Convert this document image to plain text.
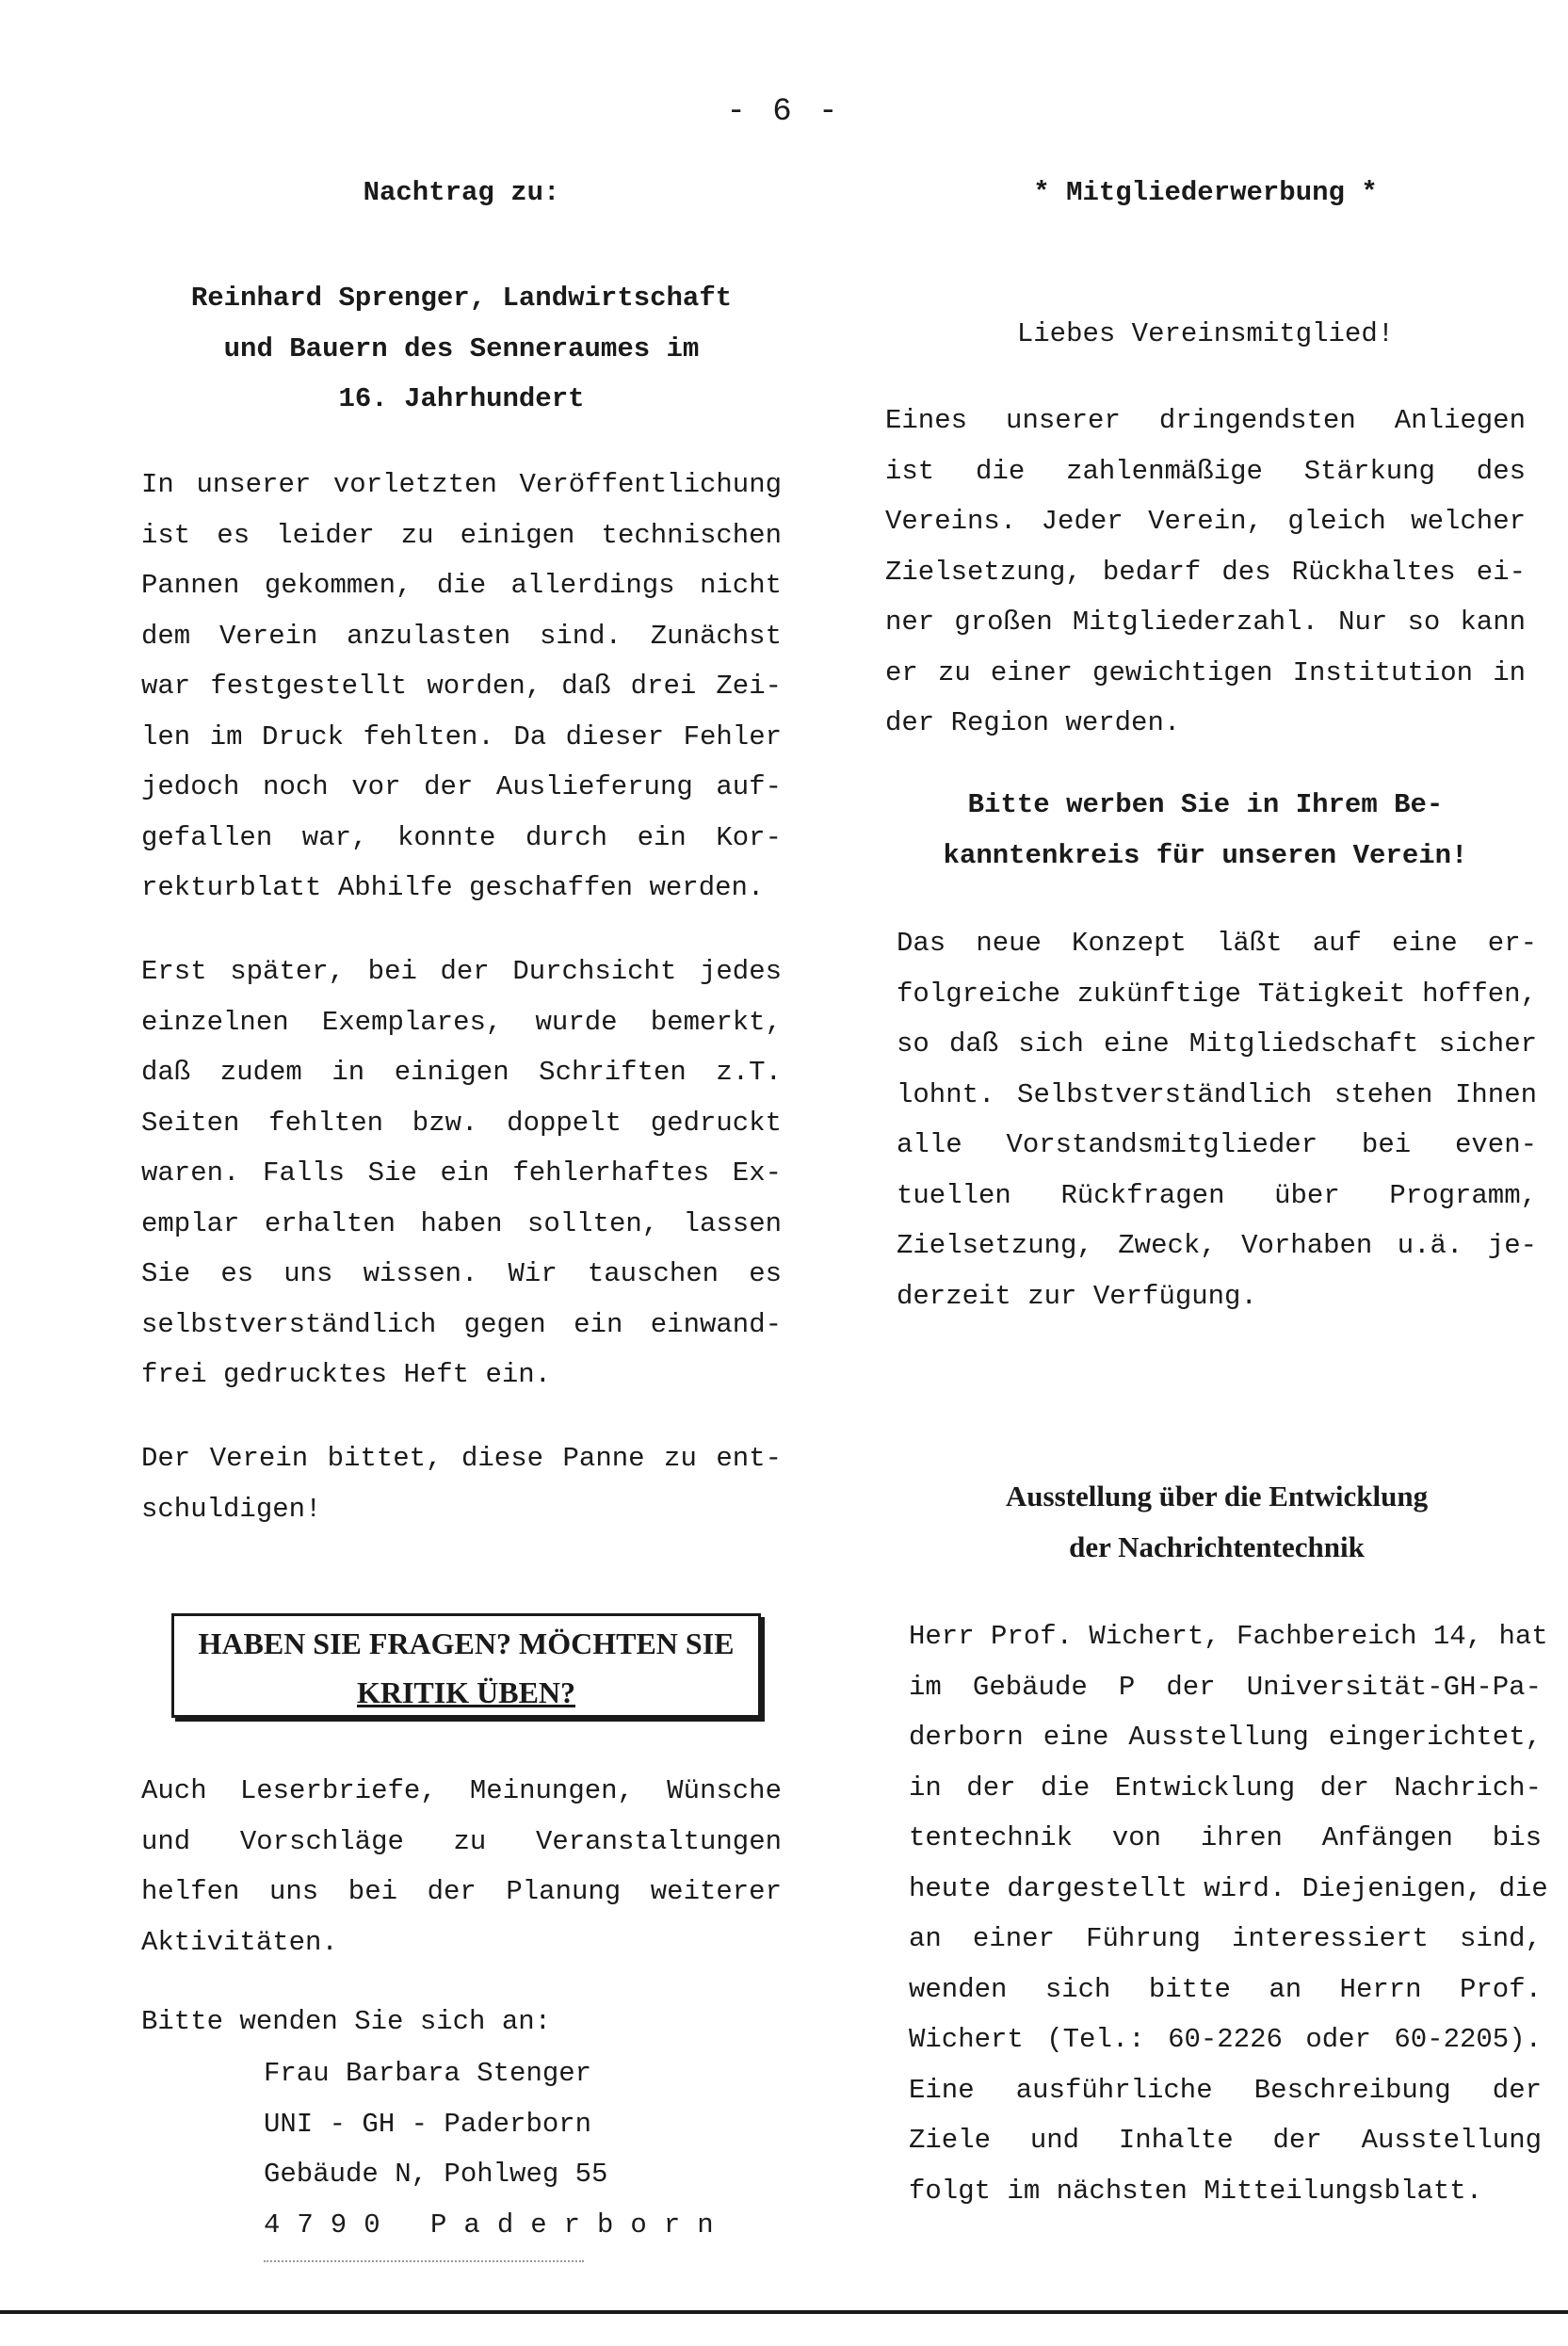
- 6 -
Nachtrag zu:
Reinhard Sprenger, Landwirtschaft
und Bauern des Senneraumes im
16. Jahrhundert
In unserer vorletzten Veröffentlichung
ist es leider zu einigen technischen
Pannen gekommen, die allerdings nicht
dem Verein anzulasten sind. Zunächst
war festgestellt worden, daß drei Zei-
len im Druck fehlten. Da dieser Fehler
jedoch noch vor der Auslieferung auf-
gefallen war, konnte durch ein Kor-
rekturblatt Abhilfe geschaffen werden.
Erst später, bei der Durchsicht jedes
einzelnen Exemplares, wurde bemerkt,
daß zudem in einigen Schriften z.T.
Seiten fehlten bzw. doppelt gedruckt
waren. Falls Sie ein fehlerhaftes Ex-
emplar erhalten haben sollten, lassen
Sie es uns wissen. Wir tauschen es
selbstverständlich gegen ein einwand-
frei gedrucktes Heft ein.
Der Verein bittet, diese Panne zu ent-
schuldigen!
HABEN SIE FRAGEN? MÖCHTEN SIE
KRITIK ÜBEN?
Auch Leserbriefe, Meinungen, Wünsche
und Vorschläge zu Veranstaltungen
helfen uns bei der Planung weiterer
Aktivitäten.
Bitte wenden Sie sich an:
Frau Barbara Stenger
UNI - GH - Paderborn
Gebäude N, Pohlweg 55
4790 Paderborn
* Mitgliederwerbung *
Liebes Vereinsmitglied!
Eines unserer dringendsten Anliegen
ist die zahlenmäßige Stärkung des
Vereins. Jeder Verein, gleich welcher
Zielsetzung, bedarf des Rückhaltes ei-
ner großen Mitgliederzahl. Nur so kann
er zu einer gewichtigen Institution in
der Region werden.
Bitte werben Sie in Ihrem Be-
kanntenkreis für unseren Verein!
Das neue Konzept läßt auf eine er-
folgreiche zukünftige Tätigkeit hoffen,
so daß sich eine Mitgliedschaft sicher
lohnt. Selbstverständlich stehen Ihnen
alle Vorstandsmitglieder bei even-
tuellen Rückfragen über Programm,
Zielsetzung, Zweck, Vorhaben u.ä. je-
derzeit zur Verfügung.
Ausstellung über die Entwicklung
der Nachrichtentechnik
Herr Prof. Wichert, Fachbereich 14, hat
im Gebäude P der Universität-GH-Pa-
derborn eine Ausstellung eingerichtet,
in der die Entwicklung der Nachrich-
tentechnik von ihren Anfängen bis
heute dargestellt wird. Diejenigen, die
an einer Führung interessiert sind,
wenden sich bitte an Herrn Prof.
Wichert (Tel.: 60-2226 oder 60-2205).
Eine ausführliche Beschreibung der
Ziele und Inhalte der Ausstellung
folgt im nächsten Mitteilungsblatt.
